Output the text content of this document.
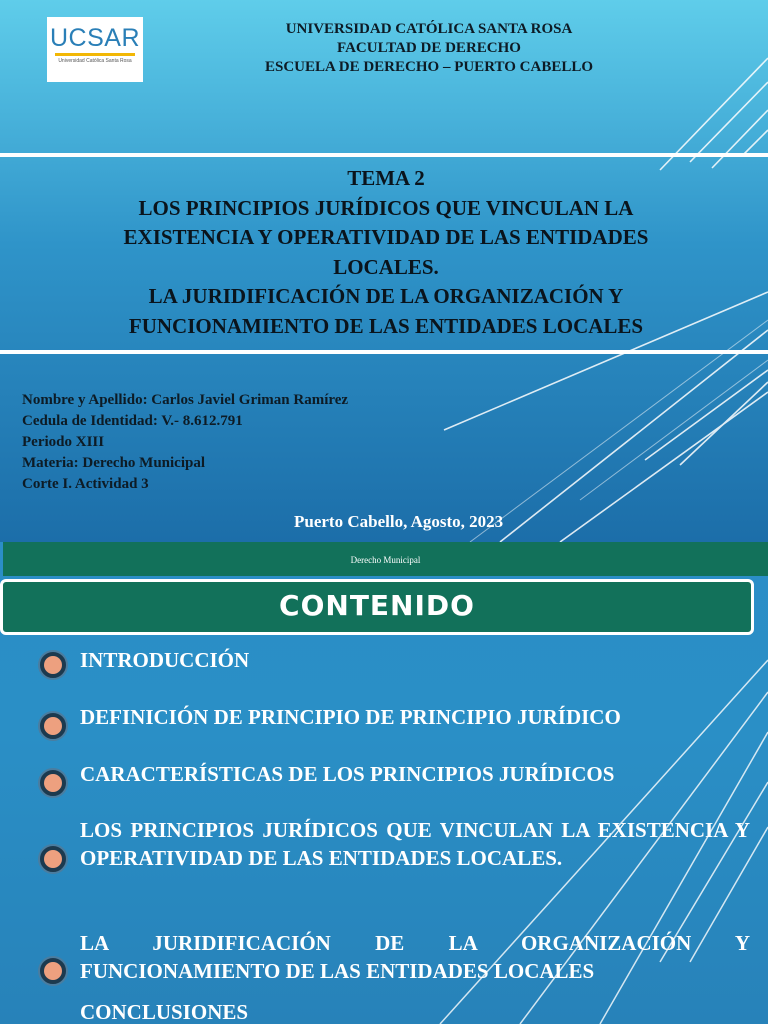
UCSAR
Universidad Católica Santa Rosa
UNIVERSIDAD CATÓLICA SANTA ROSA
FACULTAD DE DERECHO
ESCUELA DE DERECHO – PUERTO CABELLO
TEMA 2
LOS PRINCIPIOS JURÍDICOS QUE VINCULAN LA
EXISTENCIA Y OPERATIVIDAD DE LAS ENTIDADES
LOCALES.
LA JURIDIFICACIÓN DE LA ORGANIZACIÓN Y
FUNCIONAMIENTO DE LAS ENTIDADES LOCALES
Nombre y Apellido: Carlos Javiel Griman Ramírez
Cedula de Identidad: V.- 8.612.791
Periodo XIII
Materia: Derecho Municipal
Corte I. Actividad 3
Puerto Cabello, Agosto, 2023
Derecho Municipal
CONTENIDO
INTRODUCCIÓN
DEFINICIÓN DE PRINCIPIO DE PRINCIPIO JURÍDICO
CARACTERÍSTICAS DE LOS PRINCIPIOS JURÍDICOS
LOS PRINCIPIOS JURÍDICOS QUE VINCULAN LA EXISTENCIA Y OPERATIVIDAD DE LAS ENTIDADES LOCALES.
LA JURIDIFICACIÓN DE LA ORGANIZACIÓN Y FUNCIONAMIENTO DE LAS ENTIDADES LOCALES
CONCLUSIONES
